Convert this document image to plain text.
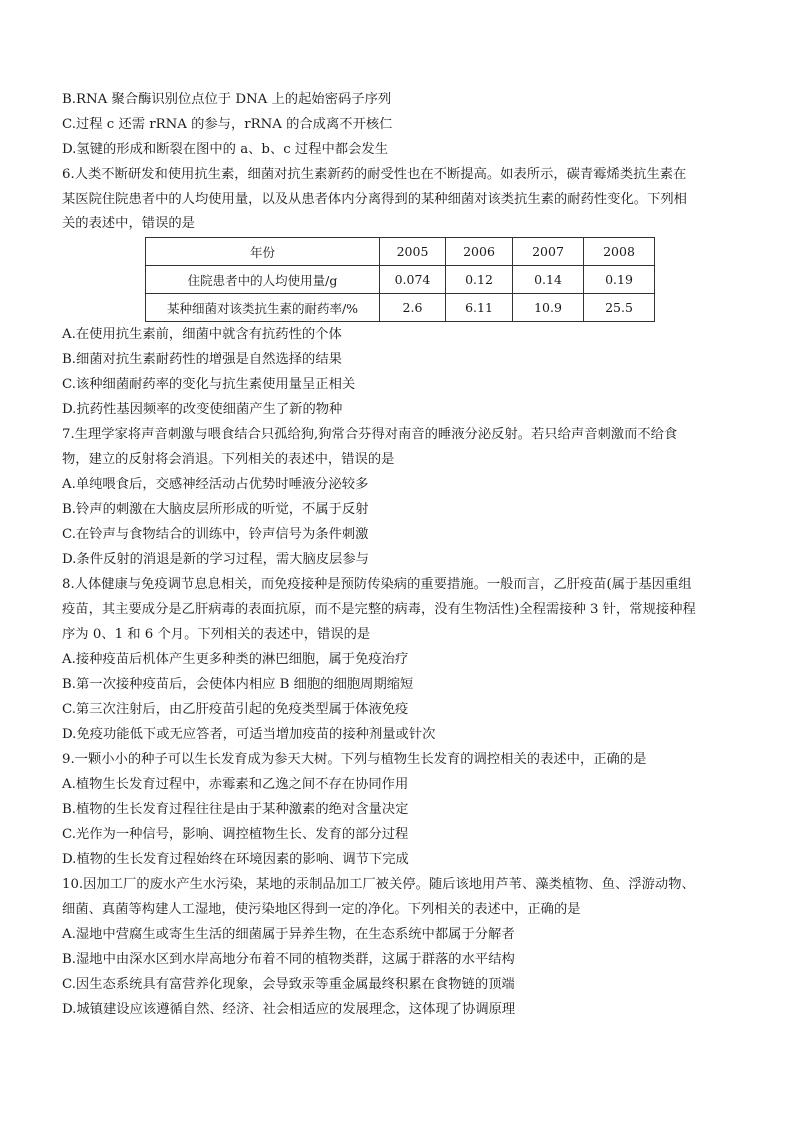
B.RNA 聚合酶识别位点位于 DNA 上的起始密码子序列
C.过程 c 还需 rRNA 的参与，rRNA 的合成离不开核仁
D.氢键的形成和断裂在图中的 a、b、c 过程中都会发生
6.人类不断研发和使用抗生素，细菌对抗生素新药的耐受性也在不断提高。如表所示，碳青霉烯类抗生素在
某医院住院患者中的人均使用量，以及从患者体内分离得到的某种细菌对该类抗生素的耐药性变化。下列相
关的表述中，错误的是
年份	2005	2006	2007	2008
住院患者中的人均使用量/g	0.074	0.12	0.14	0.19
某种细菌对该类抗生素的耐药率/%	2.6	6.11	10.9	25.5
A.在使用抗生素前，细菌中就含有抗药性的个体
B.细菌对抗生素耐药性的增强是自然选择的结果
C.该种细菌耐药率的变化与抗生素使用量呈正相关
D.抗药性基因频率的改变使细菌产生了新的物种
7.生理学家将声音刺激与喂食结合只孤给狗,狗常合芬得对南音的睡液分泌反射。若只给声音刺激而不给食
物，建立的反射将会消退。下列相关的表述中，错误的是
A.单纯喂食后，交感神经活动占优势时唾液分泌较多
B.铃声的刺激在大脑皮层所形成的听觉，不属于反射
C.在铃声与食物结合的训练中，铃声信号为条件刺激
D.条件反射的消退是新的学习过程，需大脑皮层参与
8.人体健康与免疫调节息息相关，而免疫接种是预防传染病的重要措施。一般而言，乙肝疫苗(属于基因重组
疫苗，其主要成分是乙肝病毒的表面抗原，而不是完整的病毒，没有生物活性)全程需接种 3 针，常规接种程
序为 0、1 和 6 个月。下列相关的表述中，错误的是
A.接种疫苗后机体产生更多种类的淋巴细胞，属于免疫治疗
B.第一次接种疫苗后，会使体内相应 B 细胞的细胞周期缩短
C.第三次注射后，由乙肝疫苗引起的免疫类型属于体液免疫
D.免疫功能低下或无应答者，可适当增加疫苗的接种剂量或针次
9.一颗小小的种子可以生长发育成为参天大树。下列与植物生长发育的调控相关的表述中，正确的是
A.植物生长发育过程中，赤霉素和乙逸之间不存在协同作用
B.植物的生长发育过程往往是由于某种激素的绝对含量决定
C.光作为一种信号，影响、调控植物生长、发育的部分过程
D.植物的生长发育过程始终在环境因素的影响、调节下完成
10.因加工厂的废水产生水污染，某地的汞制品加工厂被关停。随后该地用芦苇、藻类植物、鱼、浮游动物、
细菌、真菌等构建人工湿地，使污染地区得到一定的净化。下列相关的表述中，正确的是
A.湿地中营腐生或寄生生活的细菌属于异养生物，在生态系统中都属于分解者
B.湿地中由深水区到水岸高地分布着不同的植物类群，这属于群落的水平结构
C.因生态系统具有富营养化现象，会导致汞等重金属最终积累在食物链的顶端
D.城镇建设应该遵循自然、经济、社会相适应的发展理念，这体现了协调原理
